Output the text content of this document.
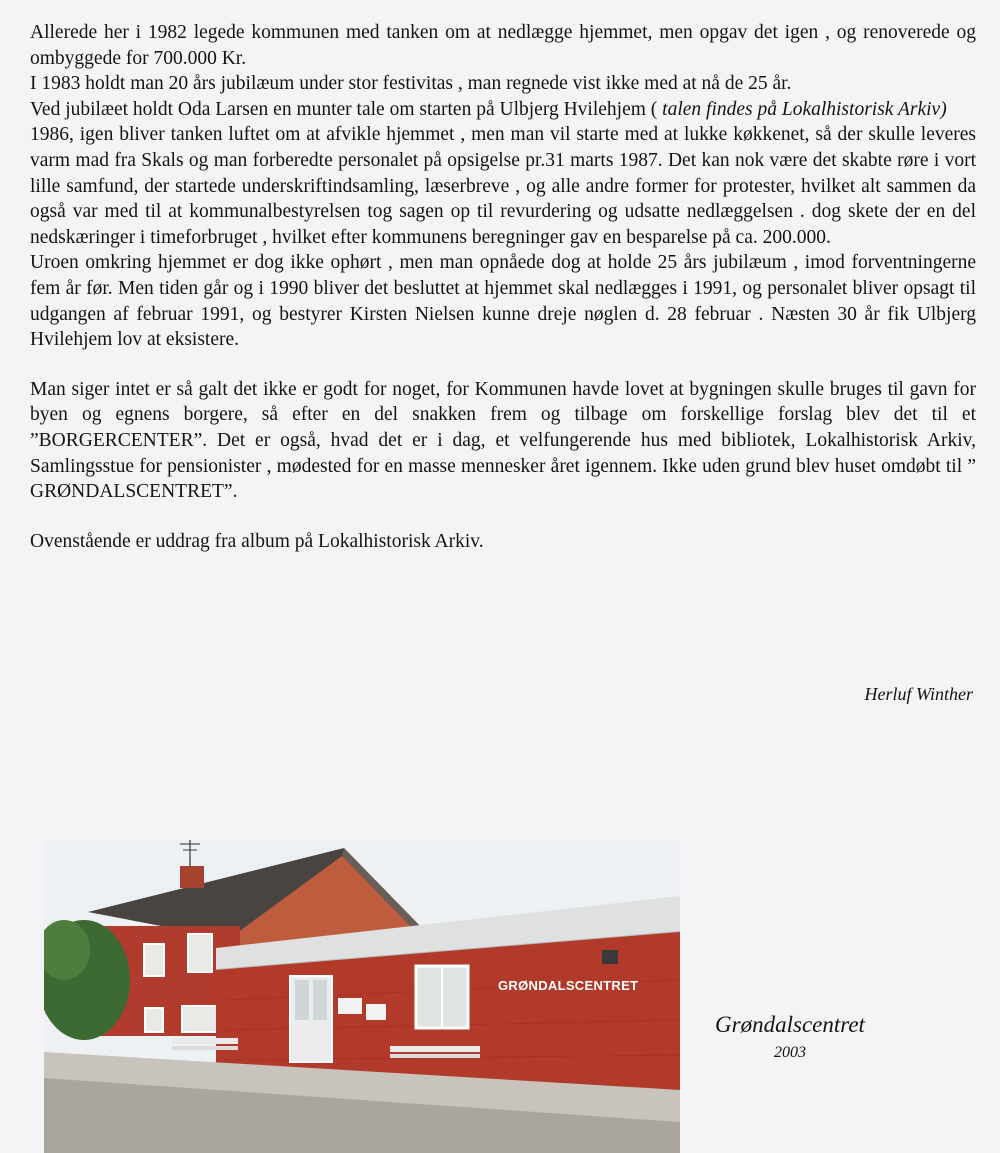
Allerede her i 1982 legede kommunen med tanken om at nedlægge hjemmet, men opgav det igen , og renoverede og ombyggede for 700.000 Kr.

I 1983 holdt man 20 års jubilæum under stor festivitas , man regnede vist ikke med at nå de 25 år.

Ved jubilæet holdt Oda Larsen en munter tale om starten på Ulbjerg Hvilehjem ( talen findes på Lokalhistorisk Arkiv)

1986, igen bliver tanken luftet om at afvikle hjemmet , men man vil starte med at lukke køkkenet, så der skulle leveres varm mad fra Skals og man forberedte personalet på opsigelse pr.31 marts 1987. Det kan nok være det skabte røre i vort lille samfund, der startede underskriftindsamling, læserbreve , og alle andre former for protester, hvilket alt sammen da også var med til at kommunalbestyrelsen tog sagen op til revurdering og udsatte nedlæggelsen . dog skete der en del nedskæringer i timeforbruget , hvilket efter kommunens beregninger gav en besparelse på ca. 200.000.

Uroen omkring hjemmet er dog ikke ophørt , men man opnåede dog at holde 25 års jubilæum , imod forventningerne fem år før. Men tiden går og i 1990 bliver det besluttet at hjemmet skal nedlægges i 1991, og personalet bliver opsagt til udgangen af februar 1991, og bestyrer Kirsten Nielsen kunne dreje nøglen d. 28 februar . Næsten 30 år fik Ulbjerg Hvilehjem lov at eksistere.

Man siger intet er så galt det ikke er godt for noget, for Kommunen havde lovet at bygningen skulle bruges til gavn for byen og egnens borgere, så efter en del snakken frem og tilbage om forskellige forslag blev det til et ”BORGERCENTER”. Det er også, hvad det er i dag, et velfungerende hus med bibliotek, Lokalhistorisk Arkiv, Samlingsstue for pensionister , mødested for en masse mennesker året igennem. Ikke uden grund blev huset omdøbt til ” GRØNDALSCENTRET”.

Ovenstående er uddrag fra album på Lokalhistorisk Arkiv.

Herluf Winther
GRØNDALSCENTRET
Grøndalscentret
2003
